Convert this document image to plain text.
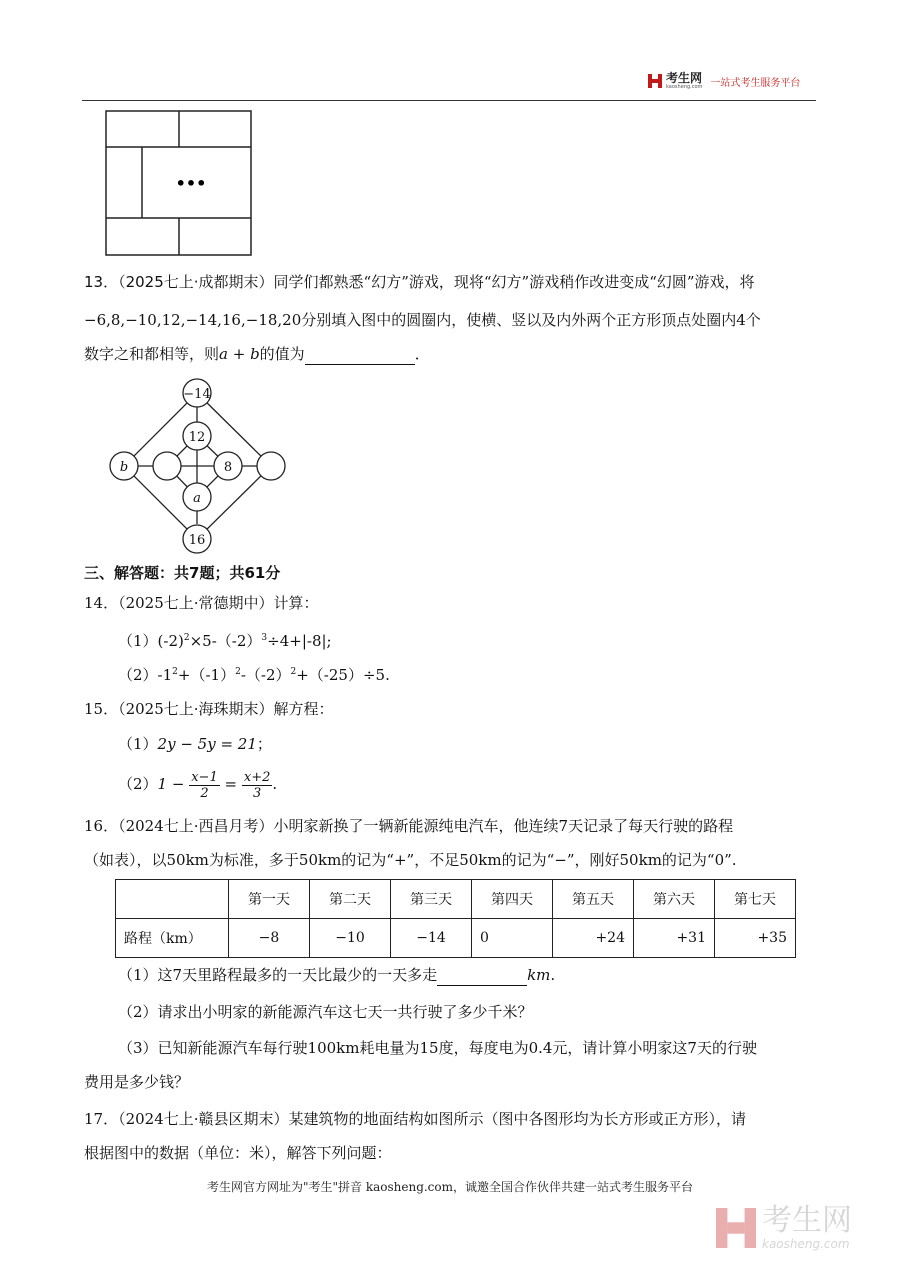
考生网
kaosheng.com 一站式考生服务平台
•••
13．（2025七上·成都期末）同学们都熟悉“幻方”游戏，现将“幻方”游戏稍作改进变成“幻圆”游戏，将
−6,8,−10,12,−14,16,−18,20分别填入图中的圆圈内，使横、竖以及内外两个正方形顶点处圈内4个
数字之和都相等，则a + b的值为	．
−14
12
b	8
a
16
三、解答题：共7题；共61分
14．（2025七上·常德期中）计算：
$(1)(-2)^2\times 5-(-2)^3\div 4+|-8|$;
$(2)-1^2+(-1)^2-(-2)^2+(-25)\div 5$.
15．（2025七上·海珠期末）解方程：
（1）2y − 5y = 21；
$(2)1 - \frac{x-1}{2} = \frac{x+2}{3}$ .
16．（2024七上·西昌月考）小明家新换了一辆新能源纯电汽车，他连续7天记录了每天行驶的路程
（如表），以50km为标准，多于50km的记为“+”，不足50km的记为“−”，刚好50km的记为“0”.
	第一天	第二天	第三天	第四天	第五天	第六天	第七天
路程（km）	−8	−10	−14	0	+24	+31	+35
（1）这7天里路程最多的一天比最少的一天多走	km.
（2）请求出小明家的新能源汽车这七天一共行驶了多少千米？
（3）已知新能源汽车每行驶100km耗电量为15度，每度电为0.4元，请计算小明家这7天的行驶
费用是多少钱？
17．（2024七上·赣县区期末）某建筑物的地面结构如图所示（图中各图形均为长方形或正方形），请
根据图中的数据（单位：米），解答下列问题：
考生网官方网址为"考生"拼音 kaosheng.com，诚邀全国合作伙伴共建一站式考生服务平台
考生网
kaosheng.com
